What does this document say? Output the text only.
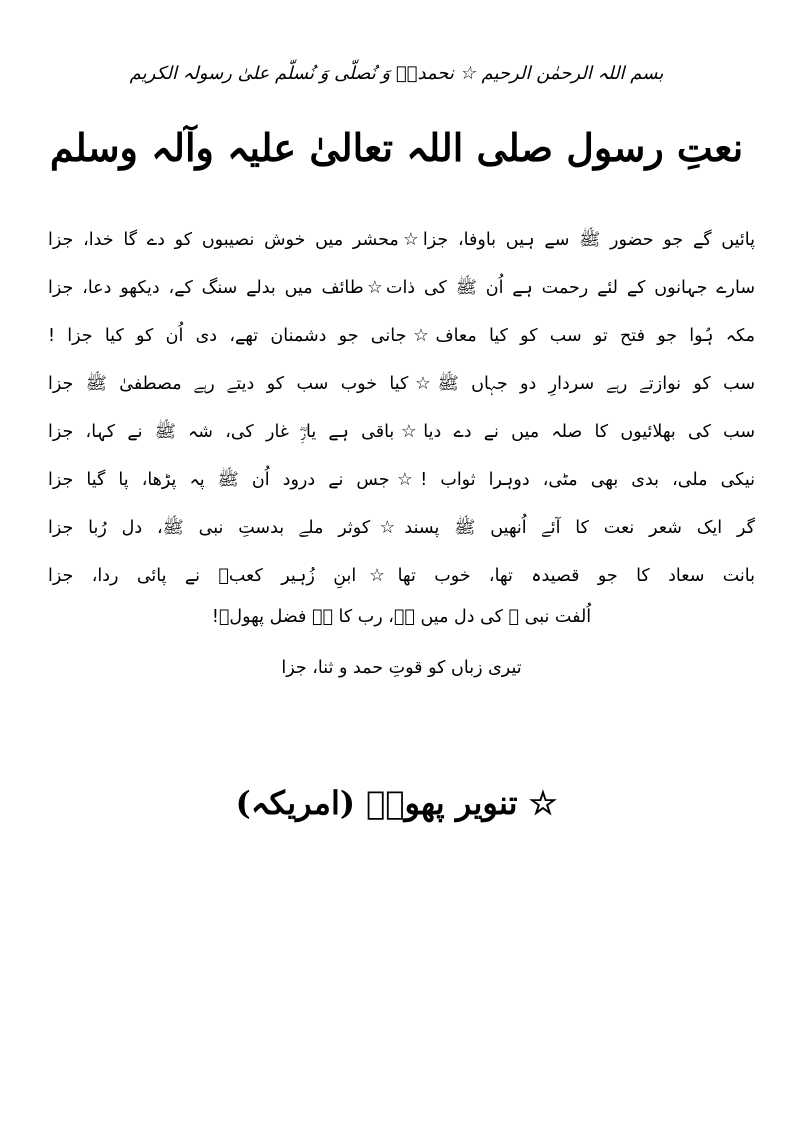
بسم اللہ الرحمٰن الرحیم ☆ نحمدہٗ وَ نُصلّی وَ نُسلّم علیٰ رسولہ الکریم
نعتِ رسول صلی اللہ تعالیٰ علیہ وآلہ وسلم
پائیں گے جو حضور ﷺ سے ہیں باوفا، جزا☆محشر میں خوش نصیبوں کو دے گا خدا، جزا
سارے جہانوں کے لئے رحمت ہے اُن ﷺ کی ذات☆طائف میں بدلے سنگ کے، دیکھو دعا، جزا
مکہ ہُوا جو فتح تو سب کو کیا معاف☆جانی جو دشمنان تھے، دی اُن کو کیا جزا !
سب کو نوازتے رہے سردارِ دو جہاں ﷺ☆کیا خوب سب کو دیتے رہے مصطفیٰ ﷺ جزا
سب کی بھلائیوں کا صلہ میں نے دے دیا☆باقی ہے یارِؓ غار کی، شہ ﷺ نے کہا، جزا
نیکی ملی، بدی بھی مٹی، دوہرا ثواب !☆جس نے درود اُن ﷺ پہ پڑھا، پا گیا جزا
گر ایک شعر نعت کا آئے اُنھیں ﷺ پسند☆کوثر ملے بدستِ نبی ﷺ، دل رُبا جزا
بانت سعاد کا جو قصیدہ تھا، خوب تھا☆ابنِ زُہیر کعبؓ نے پائی ردا، جزا
اُلفت نبی ﷺ کی دل میں ہے، رب کا ہے فضل پھولؔ!
تیری زباں کو قوتِ حمد و ثنا، جزا
☆ تنویر پھولؔ (امریکہ)
